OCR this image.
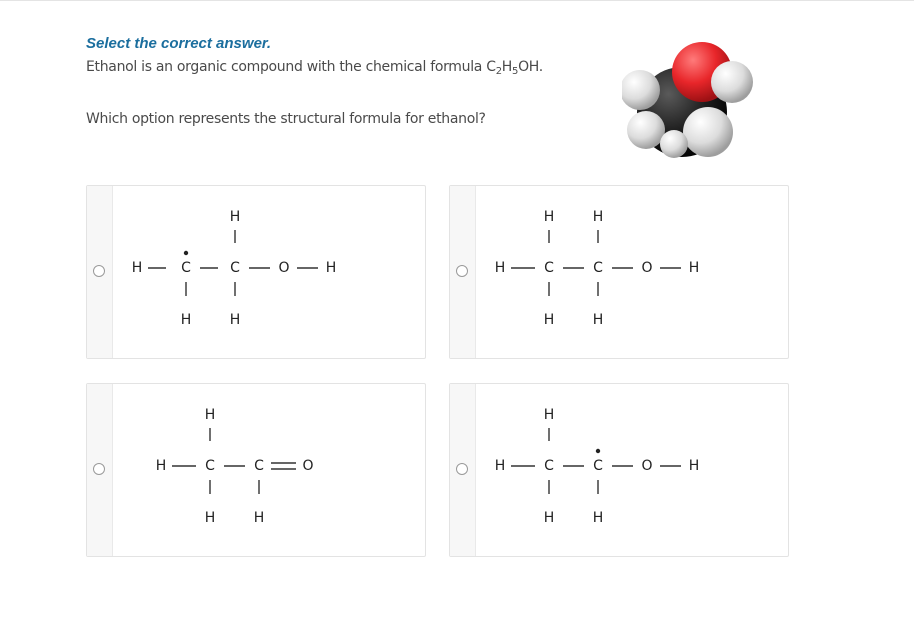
Select the correct answer.
Ethanol is an organic compound with the chemical formula $C_2H_5OH$.
Which option represents the structural formula for ethanol?
H
H	C	C	O	H
H	H
H	H
H	C	C	O	H
H	H
H
H	C	C	O
H	H
H
H	C	C	O	H
H	H
